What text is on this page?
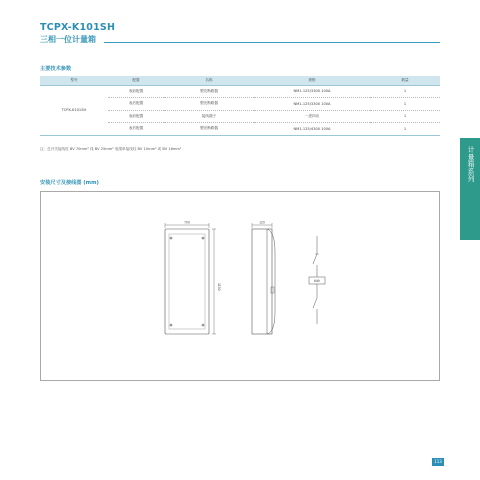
TCPX-K101SH
三相一位计量箱
主要技术参数
型号	配置	名称	规格	数量
TCPX-K101SH	表前配置	塑壳断路器	NM1-125/3300 100A	1
	表后配置	塑壳断路器	NM1-125/3300 100A	1
	表前配置	接线端子	一进四出	1
	表后配置	塑壳断路器	NM1-125/4300 100A	1
注：总开关接线柱 BV 70mm² 线 BV 25mm² 电缆单接线柱 BV 10mm² 或 BV 16mm²
安装尺寸及接线图 (mm)
700
1150
120
kWh
计量箱系列
113
